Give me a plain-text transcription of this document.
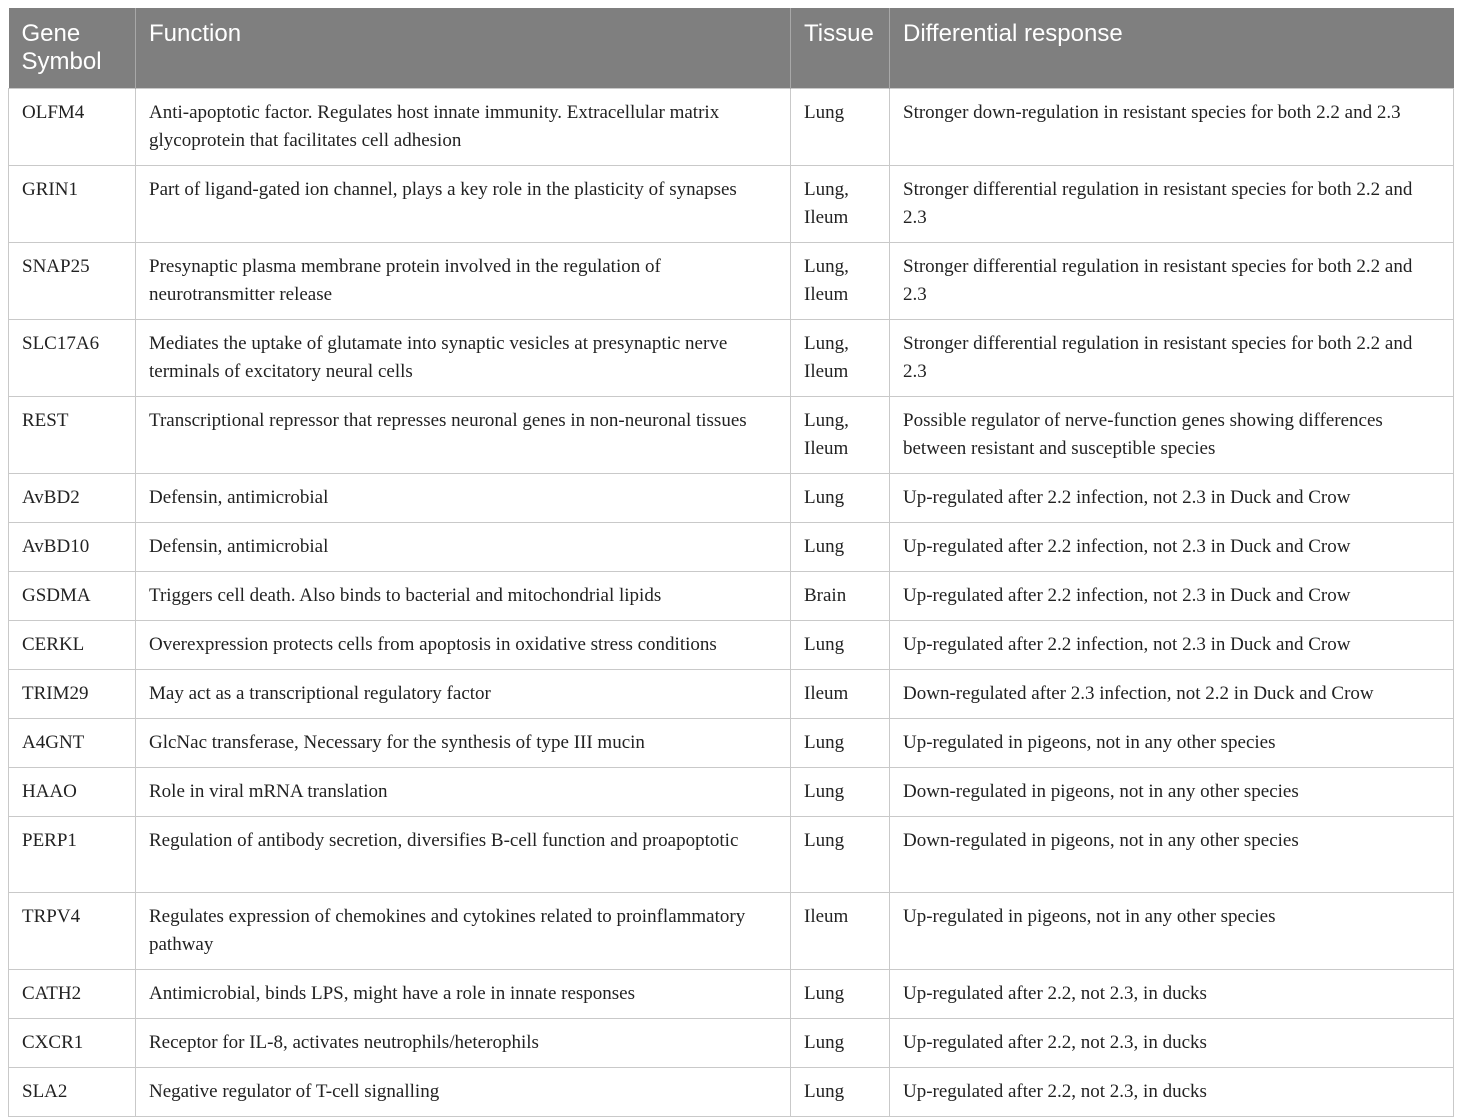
Gene Symbol	Function	Tissue	Differential response
OLFM4	Anti-apoptotic factor. Regulates host innate immunity. Extracellular matrix glycoprotein that facilitates cell adhesion	Lung	Stronger down-regulation in resistant species for both 2.2 and 2.3
GRIN1	Part of ligand-gated ion channel, plays a key role in the plasticity of synapses	Lung, Ileum	Stronger differential regulation in resistant species for both 2.2 and 2.3
SNAP25	Presynaptic plasma membrane protein involved in the regulation of neurotransmitter release	Lung, Ileum	Stronger differential regulation in resistant species for both 2.2 and 2.3
SLC17A6	Mediates the uptake of glutamate into synaptic vesicles at presynaptic nerve terminals of excitatory neural cells	Lung, Ileum	Stronger differential regulation in resistant species for both 2.2 and 2.3
REST	Transcriptional repressor that represses neuronal genes in non-neuronal tissues	Lung, Ileum	Possible regulator of nerve-function genes showing differences between resistant and susceptible species
AvBD2	Defensin, antimicrobial	Lung	Up-regulated after 2.2 infection, not 2.3 in Duck and Crow
AvBD10	Defensin, antimicrobial	Lung	Up-regulated after 2.2 infection, not 2.3 in Duck and Crow
GSDMA	Triggers cell death. Also binds to bacterial and mitochondrial lipids	Brain	Up-regulated after 2.2 infection, not 2.3 in Duck and Crow
CERKL	Overexpression protects cells from apoptosis in oxidative stress conditions	Lung	Up-regulated after 2.2 infection, not 2.3 in Duck and Crow
TRIM29	May act as a transcriptional regulatory factor	Ileum	Down-regulated after 2.3 infection, not 2.2 in Duck and Crow
A4GNT	GlcNac transferase, Necessary for the synthesis of type III mucin	Lung	Up-regulated in pigeons, not in any other species
HAAO	Role in viral mRNA translation	Lung	Down-regulated in pigeons, not in any other species
PERP1	Regulation of antibody secretion, diversifies B-cell function and proapoptotic	Lung	Down-regulated in pigeons, not in any other species
TRPV4	Regulates expression of chemokines and cytokines related to proinflammatory pathway	Ileum	Up-regulated in pigeons, not in any other species
CATH2	Antimicrobial, binds LPS, might have a role in innate responses	Lung	Up-regulated after 2.2, not 2.3, in ducks
CXCR1	Receptor for IL-8, activates neutrophils/heterophils	Lung	Up-regulated after 2.2, not 2.3, in ducks
SLA2	Negative regulator of T-cell signalling	Lung	Up-regulated after 2.2, not 2.3, in ducks
